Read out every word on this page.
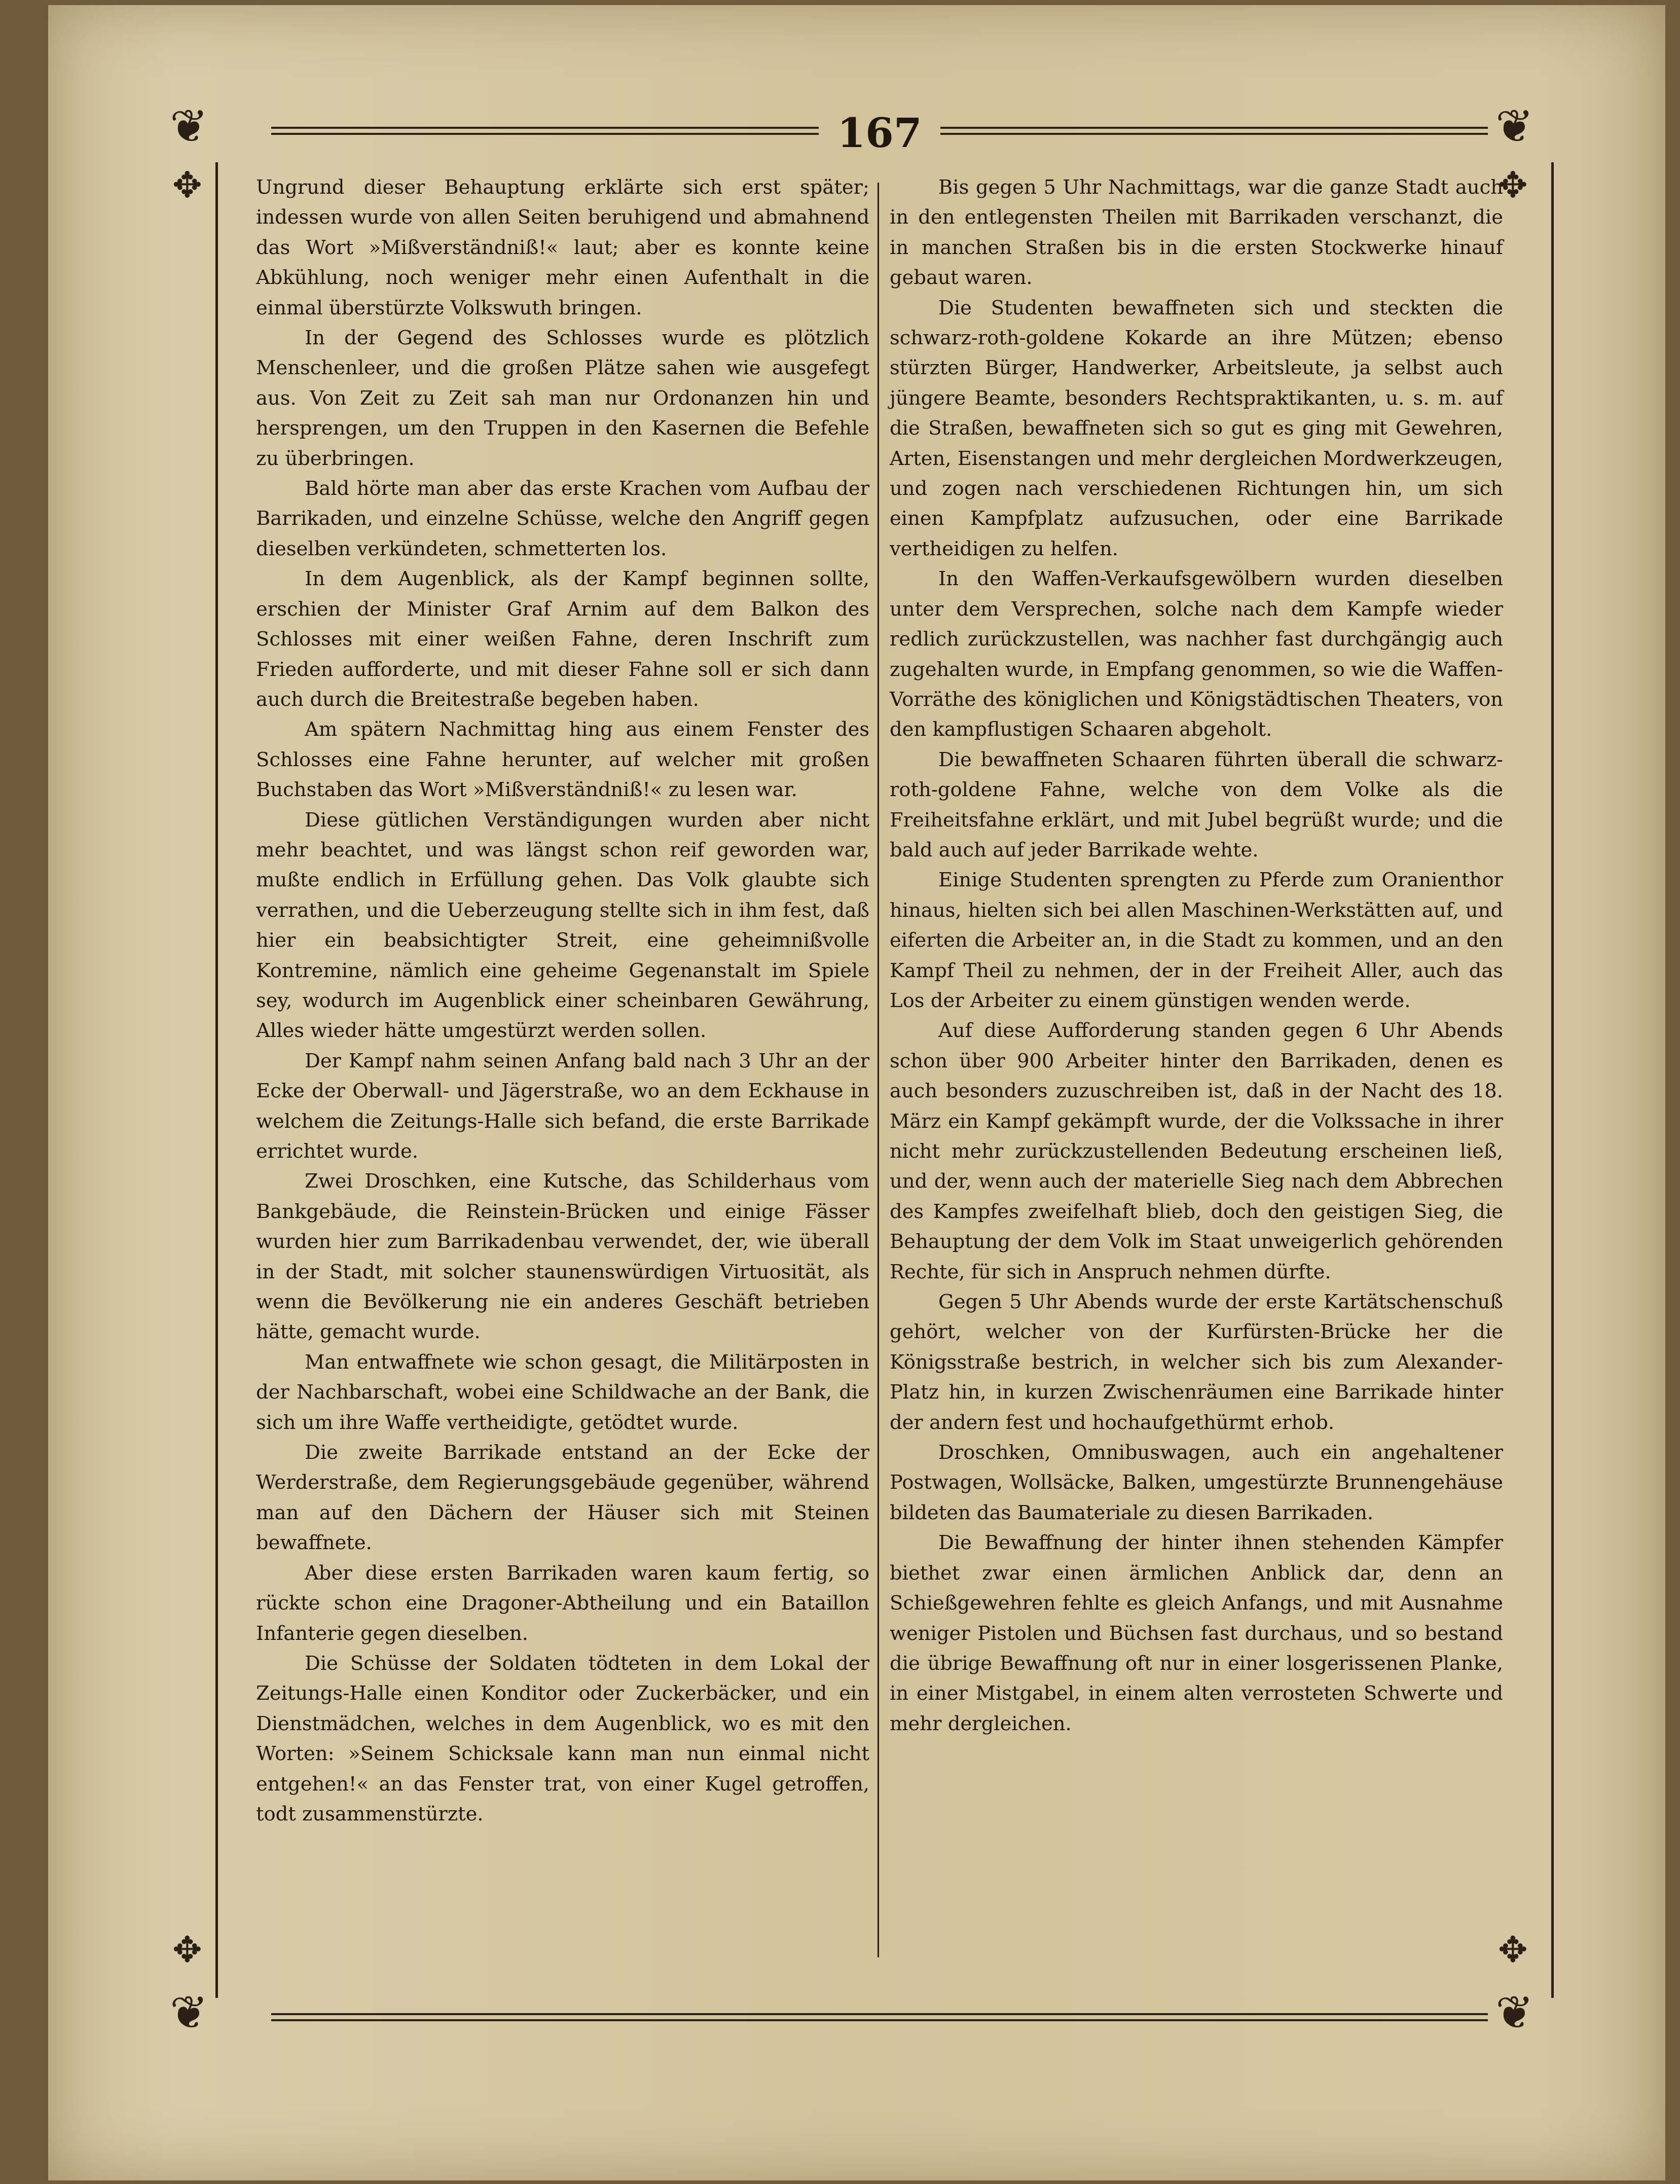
❦	❦
❦	❦
✥	✥
✥	✥
167

Ungrund dieser Behauptung erklärte sich erst später; indessen wurde von allen Seiten beruhigend und abmahnend das Wort »Mißverständniß!« laut; aber es konnte keine Abkühlung, noch weniger mehr einen Aufenthalt in die einmal überstürzte Volkswuth bringen.

In der Gegend des Schlosses wurde es plötzlich Menschenleer, und die großen Plätze sahen wie ausgefegt aus. Von Zeit zu Zeit sah man nur Ordonanzen hin und hersprengen, um den Truppen in den Kasernen die Befehle zu überbringen.

Bald hörte man aber das erste Krachen vom Aufbau der Barrikaden, und einzelne Schüsse, welche den Angriff gegen dieselben verkündeten, schmetterten los.

In dem Augenblick, als der Kampf beginnen sollte, erschien der Minister Graf Arnim auf dem Balkon des Schlosses mit einer weißen Fahne, deren Inschrift zum Frieden aufforderte, und mit dieser Fahne soll er sich dann auch durch die Breitestraße begeben haben.

Am spätern Nachmittag hing aus einem Fenster des Schlosses eine Fahne herunter, auf welcher mit großen Buchstaben das Wort »Mißverständniß!« zu lesen war.

Diese gütlichen Verständigungen wurden aber nicht mehr beachtet, und was längst schon reif geworden war, mußte endlich in Erfüllung gehen. Das Volk glaubte sich verrathen, und die Ueberzeugung stellte sich in ihm fest, daß hier ein beabsichtigter Streit, eine geheimnißvolle Kontremine, nämlich eine geheime Gegenanstalt im Spiele sey, wodurch im Augenblick einer scheinbaren Gewährung, Alles wieder hätte umgestürzt werden sollen.

Der Kampf nahm seinen Anfang bald nach 3 Uhr an der Ecke der Oberwall- und Jägerstraße, wo an dem Eckhause in welchem die Zeitungs-Halle sich befand, die erste Barrikade errichtet wurde.

Zwei Droschken, eine Kutsche, das Schilderhaus vom Bankgebäude, die Reinstein-Brücken und einige Fässer wurden hier zum Barrikadenbau verwendet, der, wie überall in der Stadt, mit solcher staunenswürdigen Virtuosität, als wenn die Bevölkerung nie ein anderes Geschäft betrieben hätte, gemacht wurde.

Man entwaffnete wie schon gesagt, die Militärposten in der Nachbarschaft, wobei eine Schildwache an der Bank, die sich um ihre Waffe vertheidigte, getödtet wurde.

Die zweite Barrikade entstand an der Ecke der Werderstraße, dem Regierungsgebäude gegenüber, während man auf den Dächern der Häuser sich mit Steinen bewaffnete.

Aber diese ersten Barrikaden waren kaum fertig, so rückte schon eine Dragoner-Abtheilung und ein Bataillon Infanterie gegen dieselben.

Die Schüsse der Soldaten tödteten in dem Lokal der Zeitungs-Halle einen Konditor oder Zuckerbäcker, und ein Dienstmädchen, welches in dem Augenblick, wo es mit den Worten: »Seinem Schicksale kann man nun einmal nicht entgehen!« an das Fenster trat, von einer Kugel getroffen, todt zusammenstürzte.

Bis gegen 5 Uhr Nachmittags, war die ganze Stadt auch in den entlegensten Theilen mit Barrikaden verschanzt, die in manchen Straßen bis in die ersten Stockwerke hinauf gebaut waren.

Die Studenten bewaffneten sich und steckten die schwarz-roth-goldene Kokarde an ihre Mützen; ebenso stürzten Bürger, Handwerker, Arbeitsleute, ja selbst auch jüngere Beamte, besonders Rechtspraktikanten, u. s. m. auf die Straßen, bewaffneten sich so gut es ging mit Gewehren, Arten, Eisenstangen und mehr dergleichen Mordwerkzeugen, und zogen nach verschiedenen Richtungen hin, um sich einen Kampfplatz aufzusuchen, oder eine Barrikade vertheidigen zu helfen.

In den Waffen-Verkaufsgewölbern wurden dieselben unter dem Versprechen, solche nach dem Kampfe wieder redlich zurückzustellen, was nachher fast durchgängig auch zugehalten wurde, in Empfang genommen, so wie die Waffen-Vorräthe des königlichen und Königstädtischen Theaters, von den kampflustigen Schaaren abgeholt.

Die bewaffneten Schaaren führten überall die schwarz-roth-goldene Fahne, welche von dem Volke als die Freiheitsfahne erklärt, und mit Jubel begrüßt wurde; und die bald auch auf jeder Barrikade wehte.

Einige Studenten sprengten zu Pferde zum Oranienthor hinaus, hielten sich bei allen Maschinen-Werkstätten auf, und eiferten die Arbeiter an, in die Stadt zu kommen, und an den Kampf Theil zu nehmen, der in der Freiheit Aller, auch das Los der Arbeiter zu einem günstigen wenden werde.

Auf diese Aufforderung standen gegen 6 Uhr Abends schon über 900 Arbeiter hinter den Barrikaden, denen es auch besonders zuzuschreiben ist, daß in der Nacht des 18. März ein Kampf gekämpft wurde, der die Volkssache in ihrer nicht mehr zurückzustellenden Bedeutung erscheinen ließ, und der, wenn auch der materielle Sieg nach dem Abbrechen des Kampfes zweifelhaft blieb, doch den geistigen Sieg, die Behauptung der dem Volk im Staat unweigerlich gehörenden Rechte, für sich in Anspruch nehmen dürfte.

Gegen 5 Uhr Abends wurde der erste Kartätschenschuß gehört, welcher von der Kurfürsten-Brücke her die Königsstraße bestrich, in welcher sich bis zum Alexander-Platz hin, in kurzen Zwischenräumen eine Barrikade hinter der andern fest und hochaufgethürmt erhob.

Droschken, Omnibuswagen, auch ein angehaltener Postwagen, Wollsäcke, Balken, umgestürzte Brunnengehäuse bildeten das Baumateriale zu diesen Barrikaden.

Die Bewaffnung der hinter ihnen stehenden Kämpfer biethet zwar einen ärmlichen Anblick dar, denn an Schießgewehren fehlte es gleich Anfangs, und mit Ausnahme weniger Pistolen und Büchsen fast durchaus, und so bestand die übrige Bewaffnung oft nur in einer losgerissenen Planke, in einer Mistgabel, in einem alten verrosteten Schwerte und mehr dergleichen.
